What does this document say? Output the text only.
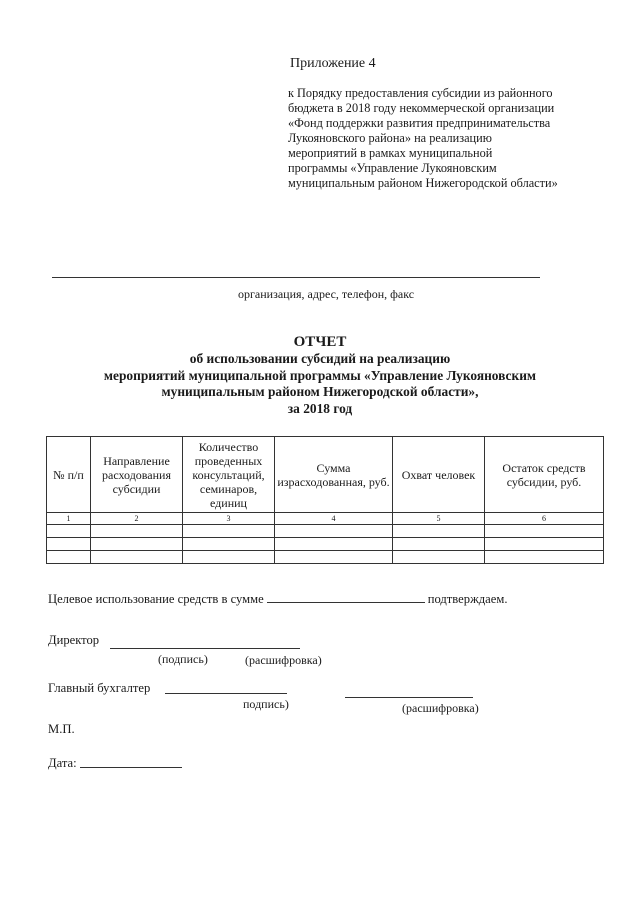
Приложение 4
к Порядку предоставления субсидии из районного
бюджета в 2018 году некоммерческой организации
«Фонд поддержки развития предпринимательства
Лукояновского района» на реализацию
мероприятий в рамках муниципальной
программы «Управление Лукояновским
муниципальным районом Нижегородской области»
организация, адрес, телефон, факс
ОТЧЕТ
об использовании субсидий на реализацию
мероприятий муниципальной программы «Управление Лукояновским
муниципальным районом Нижегородской области»,
за 2018 год
№ п/п	Направление расходования субсидии	Количество проведенных консультаций, семинаров, единиц	Сумма израсходованная, руб.	Охват человек	Остаток средств субсидии, руб.
1	2	3	4	5	6

Целевое использование средств в сумме	подтверждаем.
Директор
(подпись)	(расшифровка)
Главный бухгалтер
подпись)	(расшифровка)
М.П.
Дата:
